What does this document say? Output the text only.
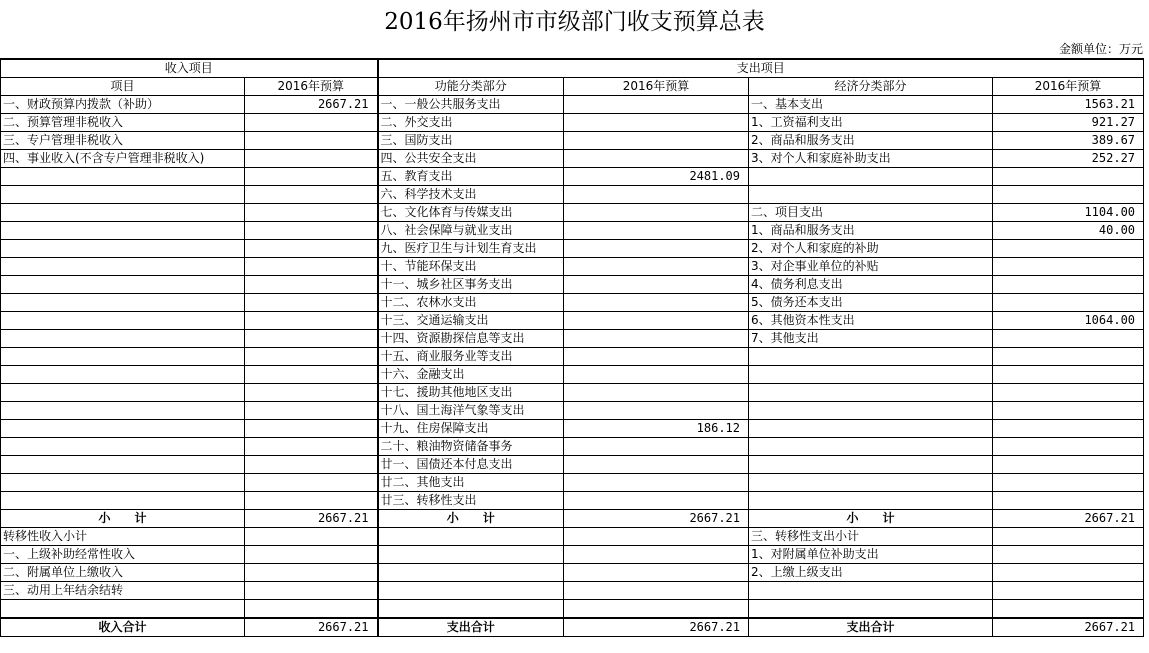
2016年扬州市市级部门收支预算总表
金额单位：万元
收入项目		支出项目			
项目	2016年预算	功能分类部分	2016年预算	经济分类部分	2016年预算
一、财政预算内拨款（补助）	2667.21	一、一般公共服务支出		一、基本支出	1563.21
二、预算管理非税收入		二、外交支出		1、工资福利支出	921.27
三、专户管理非税收入		三、国防支出		2、商品和服务支出	389.67
四、事业收入(不含专户管理非税收入)		四、公共安全支出		3、对个人和家庭补助支出	252.27
		五、教育支出	2481.09		
		六、科学技术支出			
		七、文化体育与传媒支出		二、项目支出	1104.00
		八、社会保障与就业支出		1、商品和服务支出	40.00
		九、医疗卫生与计划生育支出		2、对个人和家庭的补助	
		十、节能环保支出		3、对企事业单位的补贴	
		十一、城乡社区事务支出		4、债务利息支出	
		十二、农林水支出		5、债务还本支出	
		十三、交通运输支出		6、其他资本性支出	1064.00
		十四、资源勘探信息等支出		7、其他支出	
		十五、商业服务业等支出			
		十六、金融支出			
		十七、援助其他地区支出			
		十八、国土海洋气象等支出			
		十九、住房保障支出	186.12		
		二十、粮油物资储备事务			
		廿一、国债还本付息支出			
		廿二、其他支出			
		廿三、转移性支出			
小　　计	2667.21	小　　计	2667.21	小　　计	2667.21
转移性收入小计				三、转移性支出小计	
一、上级补助经常性收入				1、对附属单位补助支出	
二、附属单位上缴收入				2、上缴上级支出	
三、动用上年结余结转					

收入合计	2667.21	支出合计	2667.21	支出合计	2667.21
